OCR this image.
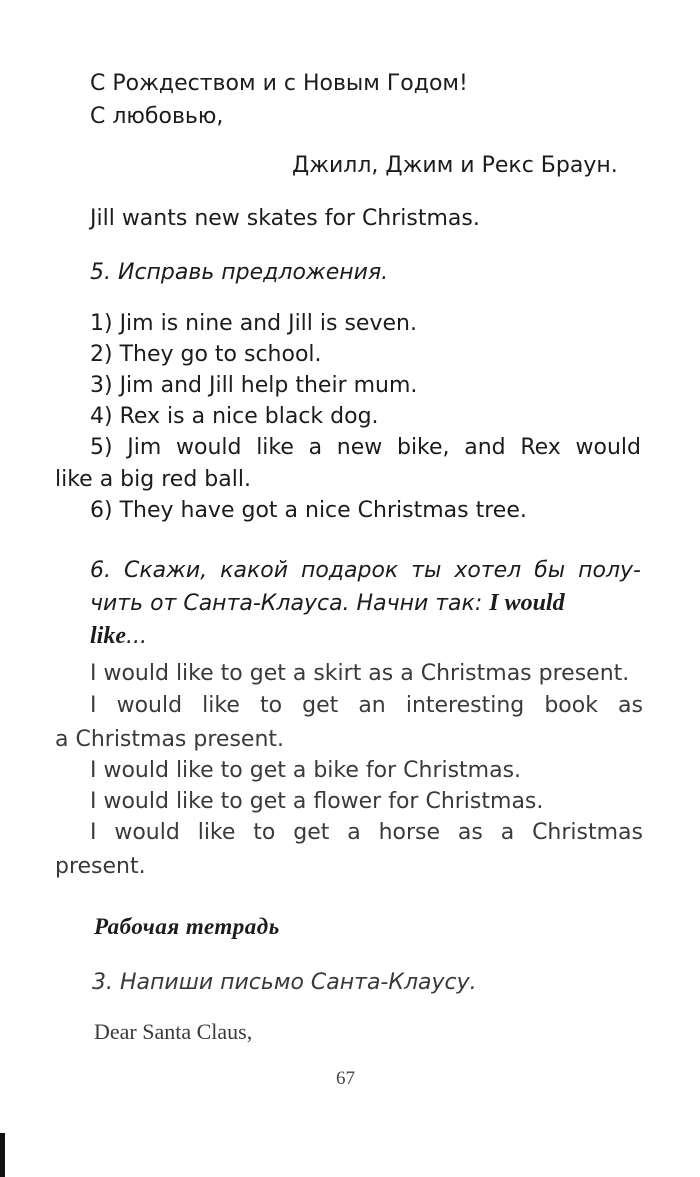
С Рождеством и с Новым Годом!

С любовью,

Джилл, Джим и Рекс Браун.

Jill wants new skates for Christmas.

5. Исправь предложения.

1) Jim is nine and Jill is seven.

2) They go to school.

3) Jim and Jill help their mum.

4) Rex is a nice black dog.

5) Jim would like a new bike, and Rex would

like a big red ball.

6) They have got a nice Christmas tree.

6. Скажи, какой подарок ты хотел бы полу-

чить от Санта-Клауса. Начни так: I would

like...

I would like to get a skirt as a Christmas present.

I would like to get an interesting book as

a Christmas present.

I would like to get a bike for Christmas.

I would like to get a flower for Christmas.

I would like to get a horse as a Christmas

present.

Рабочая тетрадь

3. Напиши письмо Санта-Клаусу.

Dear Santa Claus,

67
